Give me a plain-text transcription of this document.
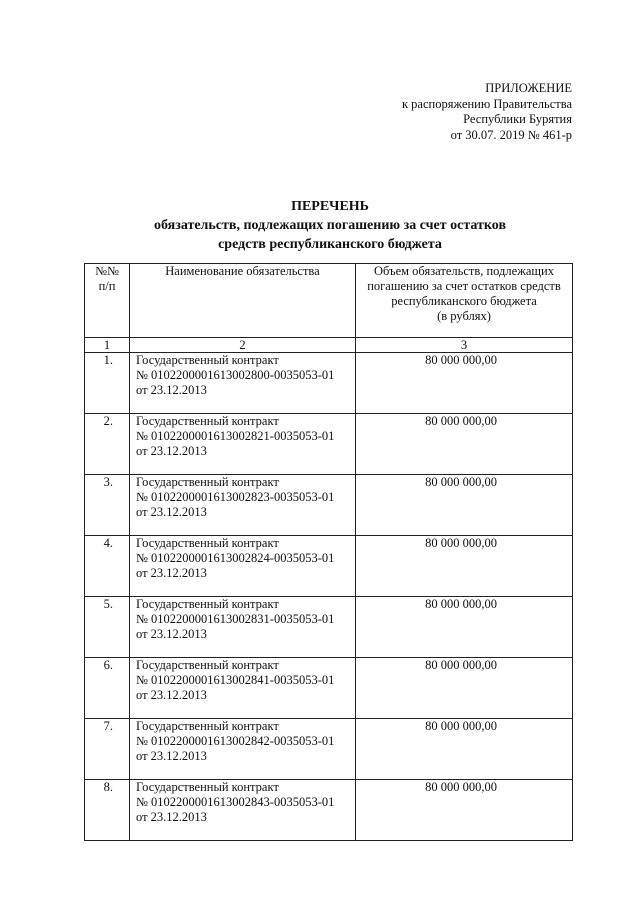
ПРИЛОЖЕНИЕ
к распоряжению Правительства
Республики Бурятия
от 30.07. 2019 № 461-р
ПЕРЕЧЕНЬ
обязательств, подлежащих погашению за счет остатков
средств республиканского бюджета
№№
п/п	Наименование обязательства	Объем обязательств, подлежащих
погашению за счет остатков средств
республиканского бюджета
(в рублях)

1	2	3
1.	Государственный контракт
№ 0102200001613002800-0035053-01
от 23.12.2013	80 000 000,00
2.	Государственный контракт
№ 0102200001613002821-0035053-01
от 23.12.2013	80 000 000,00
3.	Государственный контракт
№ 0102200001613002823-0035053-01
от 23.12.2013	80 000 000,00
4.	Государственный контракт
№ 0102200001613002824-0035053-01
от 23.12.2013	80 000 000,00
5.	Государственный контракт
№ 0102200001613002831-0035053-01
от 23.12.2013	80 000 000,00
6.	Государственный контракт
№ 0102200001613002841-0035053-01
от 23.12.2013	80 000 000,00
7.	Государственный контракт
№ 0102200001613002842-0035053-01
от 23.12.2013	80 000 000,00
8.	Государственный контракт
№ 0102200001613002843-0035053-01
от 23.12.2013	80 000 000,00
